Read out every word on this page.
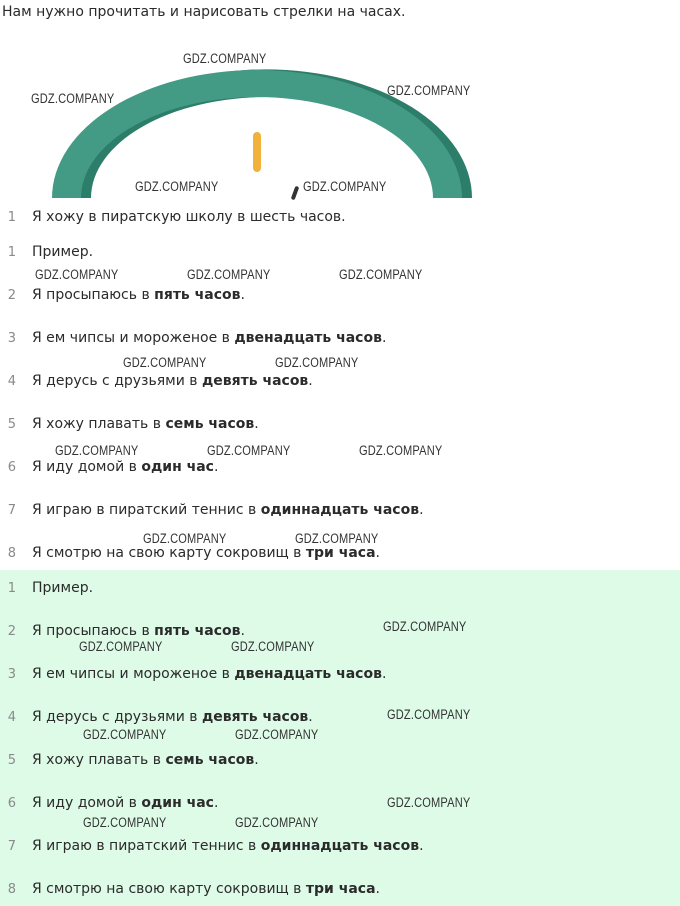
Нам нужно прочитать и нарисовать стрелки на часах.

GDZ.COMPANY
GDZ.COMPANY
GDZ.COMPANY
GDZ.COMPANY	GDZ.COMPANY
GDZ.COMPANY	GDZ.COMPANY	GDZ.COMPANY
GDZ.COMPANY	GDZ.COMPANY
GDZ.COMPANY	GDZ.COMPANY	GDZ.COMPANY
GDZ.COMPANY	GDZ.COMPANY
GDZ.COMPANY
GDZ.COMPANY	GDZ.COMPANY
GDZ.COMPANY
GDZ.COMPANY	GDZ.COMPANY
GDZ.COMPANY
GDZ.COMPANY	GDZ.COMPANY
1 Я хожу в пиратскую школу в шесть часов.
1 Пример.
2 Я просыпаюсь в пять часов.
3 Я ем чипсы и мороженое в двенадцать часов.
4 Я дерусь с друзьями в девять часов.
5 Я хожу плавать в семь часов.
6 Я иду домой в один час.
7 Я играю в пиратский теннис в одиннадцать часов.
8 Я смотрю на свою карту сокровищ в три часа.
1 Пример.
2 Я просыпаюсь в пять часов.
3 Я ем чипсы и мороженое в двенадцать часов.
4 Я дерусь с друзьями в девять часов.
5 Я хожу плавать в семь часов.
6 Я иду домой в один час.
7 Я играю в пиратский теннис в одиннадцать часов.
8 Я смотрю на свою карту сокровищ в три часа.
